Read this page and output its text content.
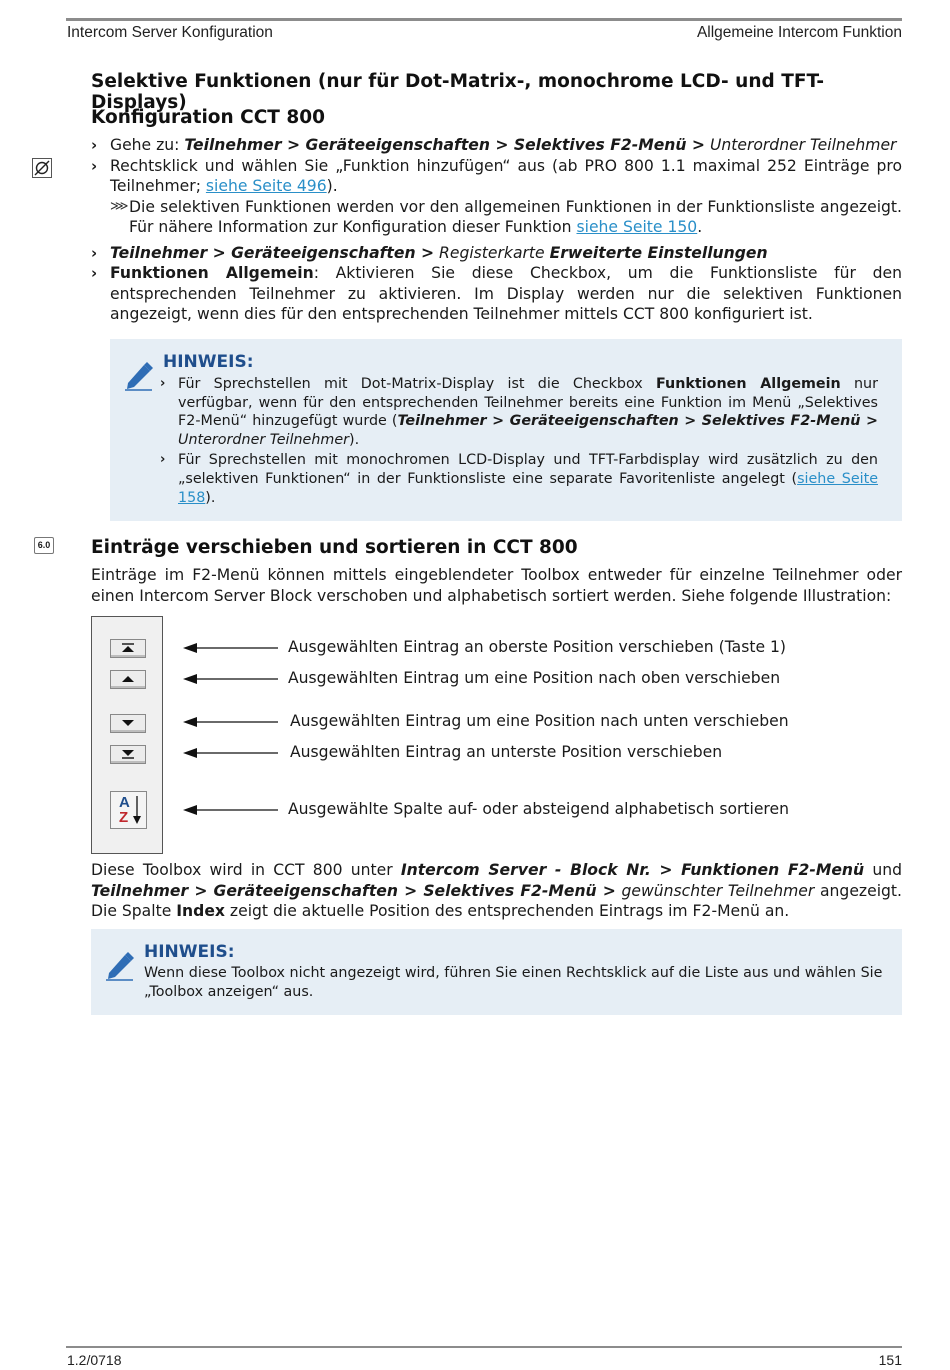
Intercom Server Konfiguration	Allgemeine Intercom Funktion
1.2/0718	151
Selektive Funktionen (nur für Dot-Matrix-, monochrome LCD- und TFT-Displays)
Konfiguration CCT 800
› Gehe zu: Teilnehmer > Geräteeigenschaften > Selektives F2-Menü > Unterordner Teilnehmer
› Rechtsklick und wählen Sie „Funktion hinzufügen“ aus (ab PRO 800 1.1 maximal 252 Einträge pro Teilnehmer; siehe Seite 496).
⋙ Die selektiven Funktionen werden vor den allgemeinen Funktionen in der Funktionsliste angezeigt. Für nähere Information zur Konfiguration dieser Funktion siehe Seite 150.
› Teilnehmer > Geräteeigenschaften > Registerkarte Erweiterte Einstellungen
› Funktionen Allgemein: Aktivieren Sie diese Checkbox, um die Funktionsliste für den entsprechenden Teilnehmer zu aktivieren. Im Display werden nur die selektiven Funktionen angezeigt, wenn dies für den entsprechenden Teilnehmer mittels CCT 800 konfiguriert ist.
HINWEIS:
› Für Sprechstellen mit Dot-Matrix-Display ist die Checkbox Funktionen Allgemein nur verfügbar, wenn für den entsprechenden Teilnehmer bereits eine Funktion im Menü „Selektives F2-Menü“ hinzugefügt wurde (Teilnehmer > Geräteeigenschaften > Selektives F2-Menü > Unterordner Teilnehmer).
› Für Sprechstellen mit monochromen LCD-Display und TFT-Farbdisplay wird zusätzlich zu den „selektiven Funktionen“ in der Funktionsliste eine separate Favoritenliste angelegt (siehe Seite 158).
6.0 Einträge verschieben und sortieren in CCT 800
Einträge im F2-Menü können mittels eingeblendeter Toolbox entweder für einzelne Teilnehmer oder einen Intercom Server Block verschoben und alphabetisch sortiert werden. Siehe folgende Illustration:
A
Z
Ausgewählten Eintrag an oberste Position verschieben (Taste 1)
Ausgewählten Eintrag um eine Position nach oben verschieben
Ausgewählten Eintrag um eine Position nach unten verschieben
Ausgewählten Eintrag an unterste Position verschieben
Ausgewählte Spalte auf- oder absteigend alphabetisch sortieren
Diese Toolbox wird in CCT 800 unter Intercom Server - Block Nr. > Funktionen F2-Menü und Teilnehmer > Geräteeigenschaften > Selektives F2-Menü > gewünschter Teilnehmer angezeigt. Die Spalte Index zeigt die aktuelle Position des entsprechenden Eintrags im F2-Menü an.
HINWEIS:
Wenn diese Toolbox nicht angezeigt wird, führen Sie einen Rechtsklick auf die Liste aus und wählen Sie „Toolbox anzeigen“ aus.
